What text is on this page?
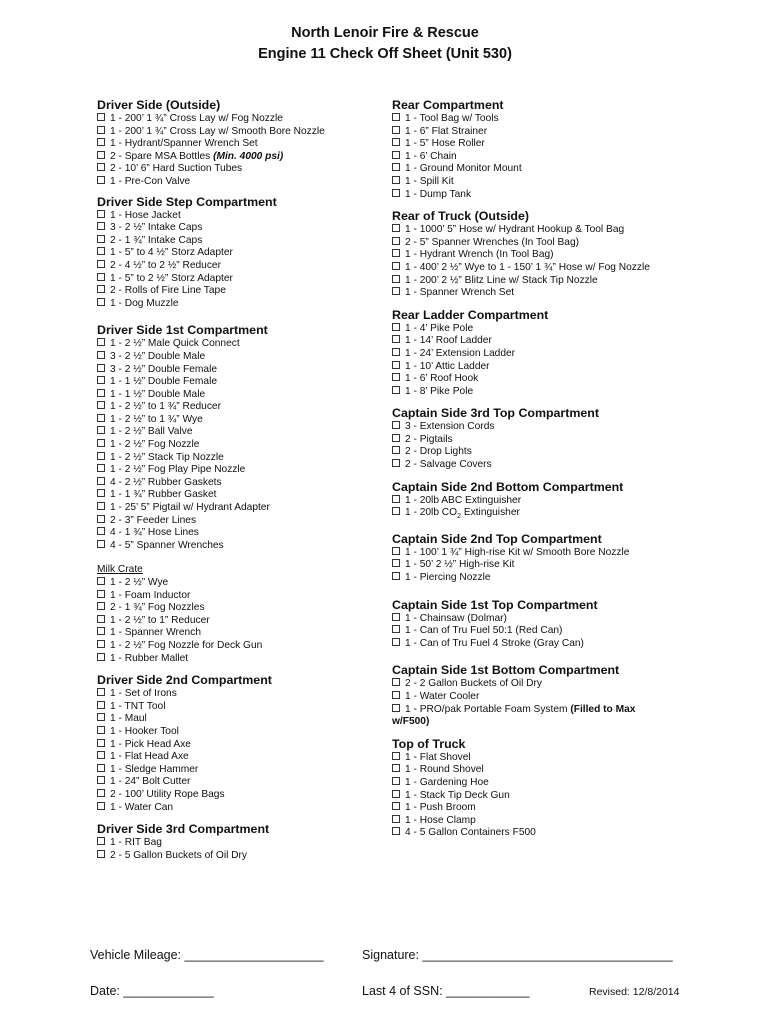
North Lenoir Fire & Rescue
Engine 11 Check Off Sheet (Unit 530)
Driver Side (Outside)
1 - 200’ 1 ¾” Cross Lay w/ Fog Nozzle
1 - 200’ 1 ¾” Cross Lay w/ Smooth Bore Nozzle
1 - Hydrant/Spanner Wrench Set
2 - Spare MSA Bottles (Min. 4000 psi)
2 - 10’ 6” Hard Suction Tubes
1 - Pre-Con Valve
Driver Side Step Compartment
1 - Hose Jacket
3 - 2 ½” Intake Caps
2 - 1 ¾” Intake Caps
1 - 5” to 4 ½” Storz Adapter
2 - 4 ½” to 2 ½” Reducer
1 - 5” to 2 ½” Storz Adapter
2 - Rolls of Fire Line Tape
1 - Dog Muzzle
Driver Side 1st Compartment
1 - 2 ½” Male Quick Connect
3 - 2 ½” Double Male
3 - 2 ½” Double Female
1 - 1 ½” Double Female
1 - 1 ½” Double Male
1 - 2 ½” to 1 ¾” Reducer
1 - 2 ½” to 1 ¾” Wye
1 - 2 ½” Ball Valve
1 - 2 ½” Fog Nozzle
1 - 2 ½” Stack Tip Nozzle
1 - 2 ½” Fog Play Pipe Nozzle
4 - 2 ½” Rubber Gaskets
1 - 1 ¾” Rubber Gasket
1 - 25’ 5” Pigtail w/ Hydrant Adapter
2 - 3” Feeder Lines
4 - 1 ¾” Hose Lines
4 - 5” Spanner Wrenches
Milk Crate
1 - 2 ½” Wye
1 - Foam Inductor
2 - 1 ¾” Fog Nozzles
1 - 2 ½” to 1” Reducer
1 - Spanner Wrench
1 - 2 ½” Fog Nozzle for Deck Gun
1 - Rubber Mallet
Driver Side 2nd Compartment
1 - Set of Irons
1 - TNT Tool
1 - Maul
1 - Hooker Tool
1 - Pick Head Axe
1 - Flat Head Axe
1 - Sledge Hammer
1 - 24” Bolt Cutter
2 - 100’ Utility Rope Bags
1 - Water Can
Driver Side 3rd Compartment
1 - RIT Bag
2 - 5 Gallon Buckets of Oil Dry
Rear Compartment
1 - Tool Bag w/ Tools
1 - 6” Flat Strainer
1 - 5” Hose Roller
1 - 6’ Chain
1 - Ground Monitor Mount
1 - Spill Kit
1 - Dump Tank
Rear of Truck (Outside)
1 - 1000’ 5” Hose w/ Hydrant Hookup & Tool Bag
2 - 5” Spanner Wrenches (In Tool Bag)
1 - Hydrant Wrench (In Tool Bag)
1 - 400’ 2 ½” Wye to 1 - 150’ 1 ¾” Hose w/ Fog Nozzle
1 - 200’ 2 ½” Blitz Line w/ Stack Tip Nozzle
1 - Spanner Wrench Set
Rear Ladder Compartment
1 - 4’ Pike Pole
1 - 14’ Roof Ladder
1 - 24’ Extension Ladder
1 - 10’ Attic Ladder
1 - 6’ Roof Hook
1 - 8’ Pike Pole
Captain Side 3rd Top Compartment
3 - Extension Cords
2 - Pigtails
2 - Drop Lights
2 - Salvage Covers
Captain Side 2nd Bottom Compartment
1 - 20lb ABC Extinguisher
1 - 20lb $CO_2$ Extinguisher
Captain Side 2nd Top Compartment
1 - 100’ 1 ¾” High-rise Kit w/ Smooth Bore Nozzle
1 - 50’ 2 ½” High-rise Kit
1 - Piercing Nozzle
Captain Side 1st Top Compartment
1 - Chainsaw (Dolmar)
1 - Can of Tru Fuel 50:1 (Red Can)
1 - Can of Tru Fuel 4 Stroke (Gray Can)
Captain Side 1st Bottom Compartment
2 - 2 Gallon Buckets of Oil Dry
1 - Water Cooler
1 - PRO/pak Portable Foam System (Filled to Max w/F500)
Top of Truck
1 - Flat Shovel
1 - Round Shovel
1 - Gardening Hoe
1 - Stack Tip Deck Gun
1 - Push Broom
1 - Hose Clamp
4 - 5 Gallon Containers F500
Vehicle Mileage: ____________________	Signature: ____________________________________
Date: _____________	Last 4 of SSN: ____________	Revised: 12/8/2014
